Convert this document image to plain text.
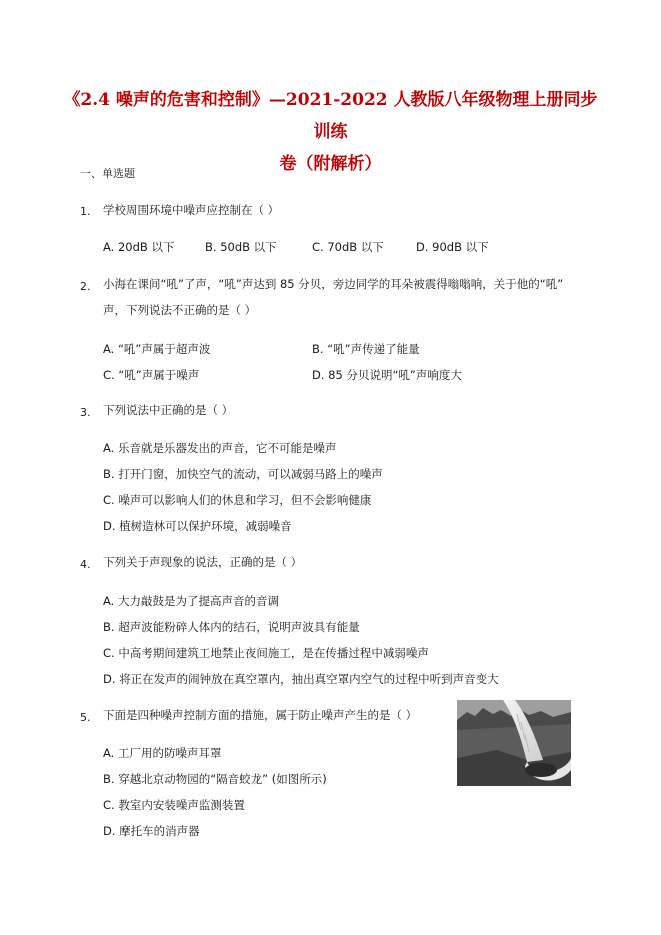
《2.4 噪声的危害和控制》—2021-2022 人教版八年级物理上册同步训练
卷（附解析）
一、单选题
1. 学校周围环境中噪声应控制在（ ）
A. 20dB 以下	B. 50dB 以下	C. 70dB 以下	D. 90dB 以下
2. 小海在课间“吼”了声，“吼”声达到 85 分贝，旁边同学的耳朵被震得嗡嗡响，关于他的“吼”
声，下列说法不正确的是（ ）
A. “吼”声属于超声波	B. “吼”声传递了能量
C. “吼”声属于噪声	D. 85 分贝说明“吼”声响度大
3. 下列说法中正确的是（ ）
A. 乐音就是乐器发出的声音，它不可能是噪声
B. 打开门窗，加快空气的流动，可以减弱马路上的噪声
C. 噪声可以影响人们的休息和学习，但不会影响健康
D. 植树造林可以保护环境，减弱噪音
4. 下列关于声现象的说法，正确的是（ ）
A. 大力敲鼓是为了提高声音的音调
B. 超声波能粉碎人体内的结石，说明声波具有能量
C. 中高考期间建筑工地禁止夜间施工，是在传播过程中减弱噪声
D. 将正在发声的闹钟放在真空罩内，抽出真空罩内空气的过程中听到声音变大
5. 下面是四种噪声控制方面的措施，属于防止噪声产生的是（ ）
A. 工厂用的防噪声耳罩
B. 穿越北京动物园的“隔音蛟龙” (如图所示)
C. 教室内安装噪声监测装置
D. 摩托车的消声器
